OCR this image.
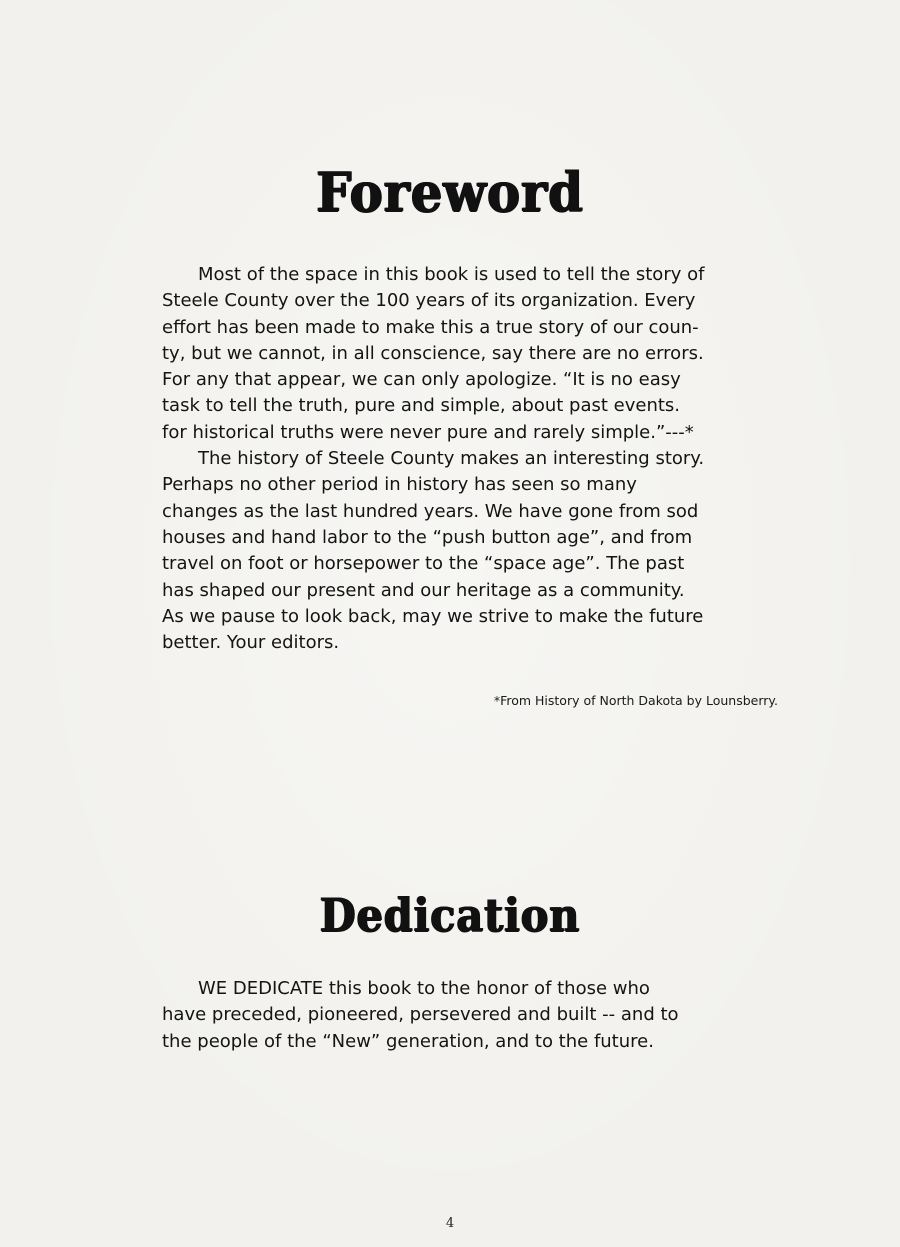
Foreword
Most of the space in this book is used to tell the story of
Steele County over the 100 years of its organization. Every
effort has been made to make this a true story of our coun-
ty, but we cannot, in all conscience, say there are no errors.
For any that appear, we can only apologize. “It is no easy
task to tell the truth, pure and simple, about past events.
for historical truths were never pure and rarely simple.”---*
The history of Steele County makes an interesting story.
Perhaps no other period in history has seen so many
changes as the last hundred years. We have gone from sod
houses and hand labor to the “push button age”, and from
travel on foot or horsepower to the “space age”. The past
has shaped our present and our heritage as a community.
As we pause to look back, may we strive to make the future
better. Your editors.
*From History of North Dakota by Lounsberry.
Dedication
WE DEDICATE this book to the honor of those who
have preceded, pioneered, persevered and built -- and to
the people of the “New” generation, and to the future.
4
